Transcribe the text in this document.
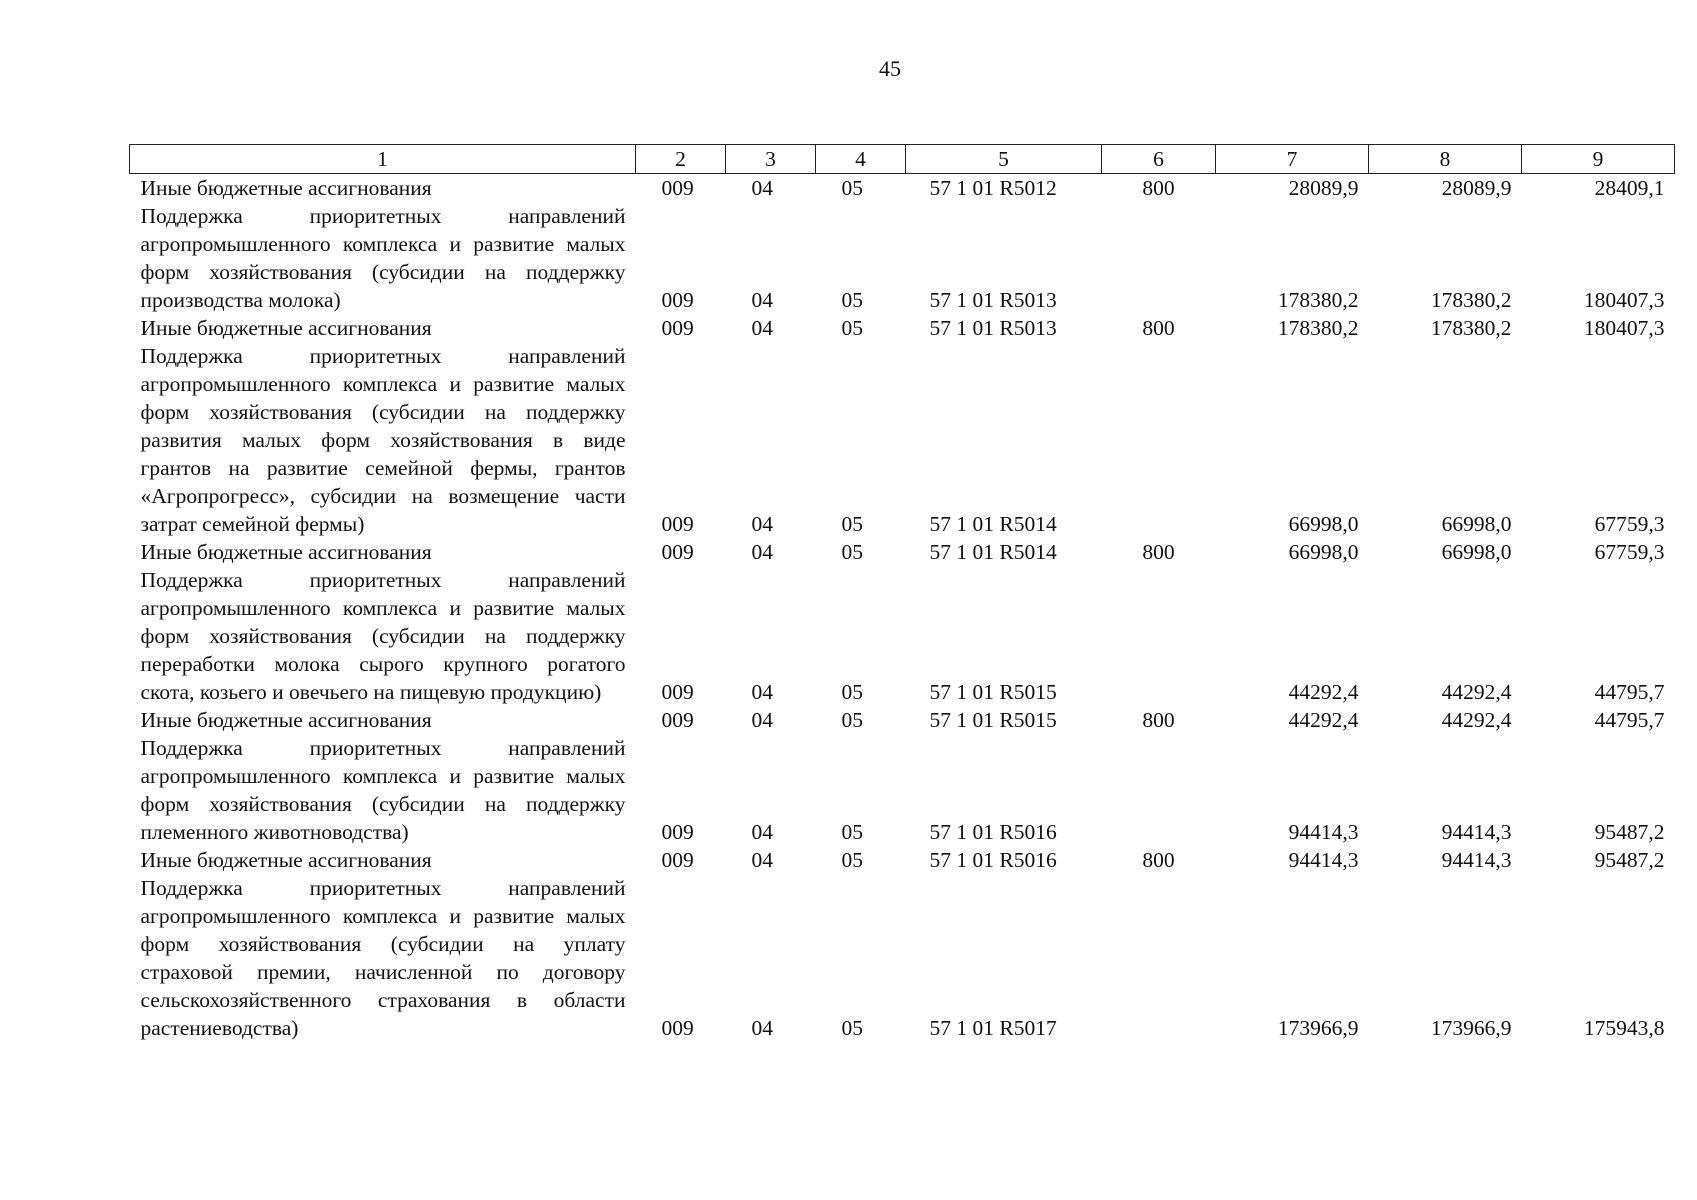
45
1	2	3	4	5	6	7	8	9
Иные бюджетные ассигнования	009	04	05	57 1 01 R5012	800	28089,9	28089,9	28409,1
Поддержка приоритетных направлений агропромышленного комплекса и развитие малых форм хозяйствования (субсидии на поддержку производства молока)	009	04	05	57 1 01 R5013		178380,2	178380,2	180407,3
Иные бюджетные ассигнования	009	04	05	57 1 01 R5013	800	178380,2	178380,2	180407,3
Поддержка приоритетных направлений агропромышленного комплекса и развитие малых форм хозяйствования (субсидии на поддержку развития малых форм хозяйствования в виде грантов на развитие семейной фермы, грантов «Агропрогресс», субсидии на возмещение части затрат семейной фермы)	009	04	05	57 1 01 R5014		66998,0	66998,0	67759,3
Иные бюджетные ассигнования	009	04	05	57 1 01 R5014	800	66998,0	66998,0	67759,3
Поддержка приоритетных направлений агропромышленного комплекса и развитие малых форм хозяйствования (субсидии на поддержку переработки молока сырого крупного рогатого скота, козьего и овечьего на пищевую продукцию)	009	04	05	57 1 01 R5015		44292,4	44292,4	44795,7
Иные бюджетные ассигнования	009	04	05	57 1 01 R5015	800	44292,4	44292,4	44795,7
Поддержка приоритетных направлений агропромышленного комплекса и развитие малых форм хозяйствования (субсидии на поддержку племенного животноводства)	009	04	05	57 1 01 R5016		94414,3	94414,3	95487,2
Иные бюджетные ассигнования	009	04	05	57 1 01 R5016	800	94414,3	94414,3	95487,2
Поддержка приоритетных направлений агропромышленного комплекса и развитие малых форм хозяйствования (субсидии на уплату страховой премии, начисленной по договору сельскохозяйственного страхования в области растениеводства)	009	04	05	57 1 01 R5017		173966,9	173966,9	175943,8
